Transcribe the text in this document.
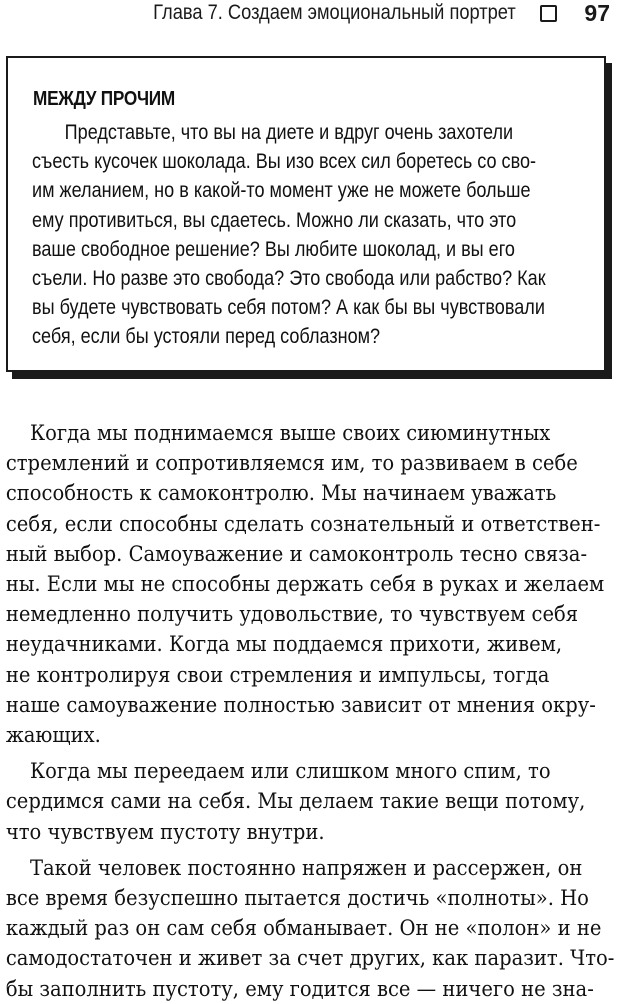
Глава 7. Создаем эмоциональный портрет	97
МЕЖДУ ПРОЧИМ
Представьте, что вы на диете и вдруг очень захотели
съесть кусочек шоколада. Вы изо всех сил боретесь со сво-
им желанием, но в какой-то момент уже не можете больше
ему противиться, вы сдаетесь. Можно ли сказать, что это
ваше свободное решение? Вы любите шоколад, и вы его
съели. Но разве это свобода? Это свобода или рабство? Как
вы будете чувствовать себя потом? А как бы вы чувствовали
себя, если бы устояли перед соблазном?
Когда мы поднимаемся выше своих сиюминутных
стремлений и сопротивляемся им, то развиваем в себе
способность к самоконтролю. Мы начинаем уважать
себя, если способны сделать сознательный и ответствен-
ный выбор. Самоуважение и самоконтроль тесно связа-
ны. Если мы не способны держать себя в руках и желаем
немедленно получить удовольствие, то чувствуем себя
неудачниками. Когда мы поддаемся прихоти, живем,
не контролируя свои стремления и импульсы, тогда
наше самоуважение полностью зависит от мнения окру-
жающих.
Когда мы переедаем или слишком много спим, то
сердимся сами на себя. Мы делаем такие вещи потому,
что чувствуем пустоту внутри.
Такой человек постоянно напряжен и рассержен, он
все время безуспешно пытается достичь «полноты». Но
каждый раз он сам себя обманывает. Он не «полон» и не
самодостаточен и живет за счет других, как паразит. Что-
бы заполнить пустоту, ему годится все — ничего не зна-
